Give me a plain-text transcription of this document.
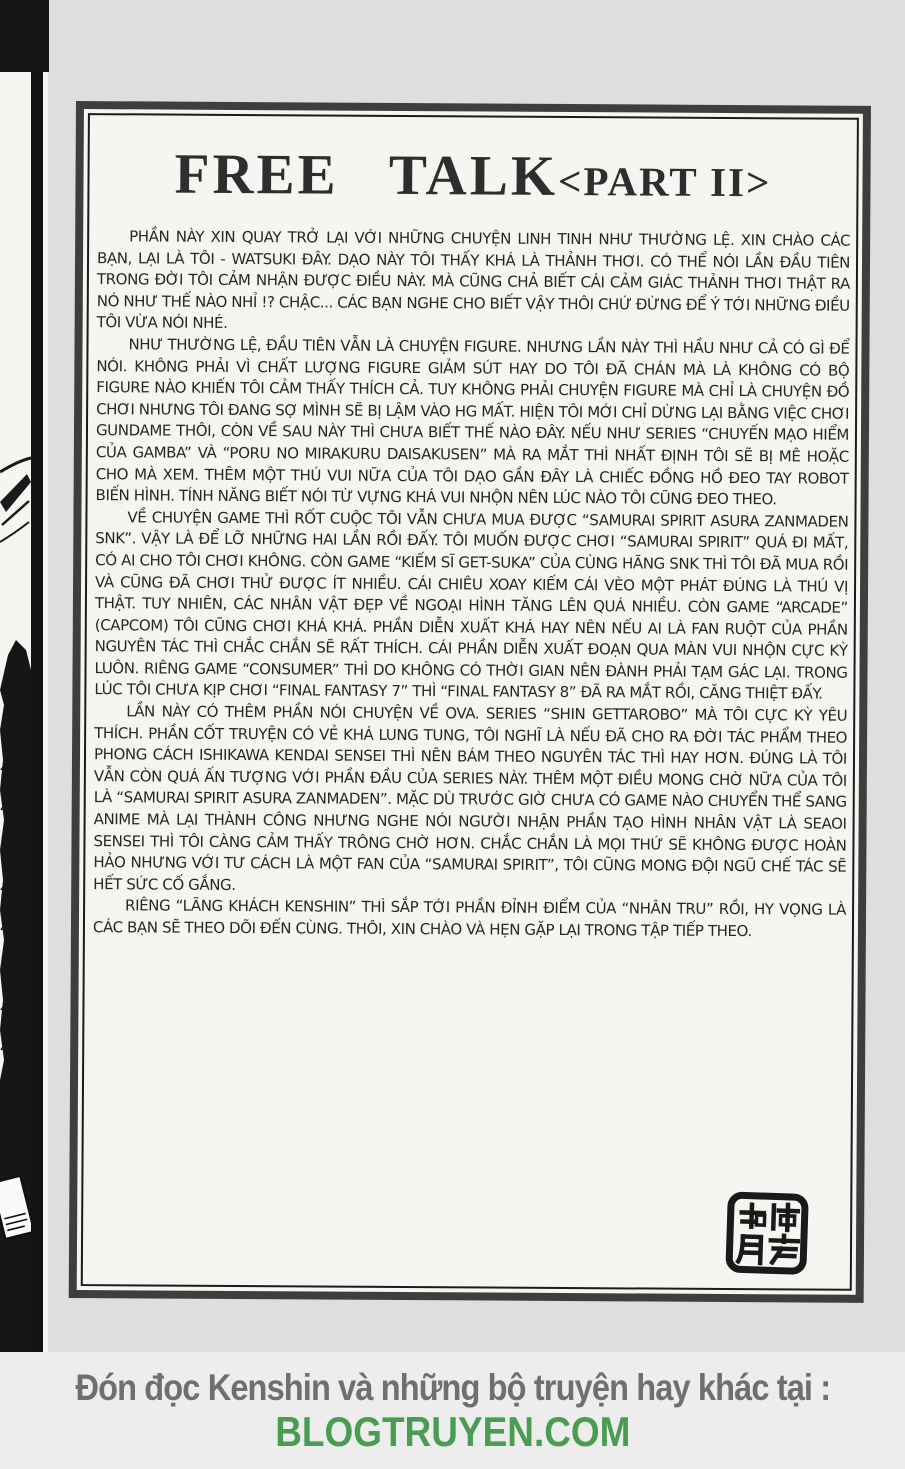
FREE TALK<PART II>

PHẦN NÀY XIN QUAY TRỞ LẠI VỚI NHỮNG CHUYỆN LINH TINH NHƯ THƯỜNG LỆ. XIN CHÀO CÁC BẠN, LẠI LÀ TÔI - WATSUKI ĐÂY. DẠO NÀY TÔI THẤY KHÁ LÀ THẢNH THƠI. CÓ THỂ NÓI LẦN ĐẦU TIÊN TRONG ĐỜI TÔI CẢM NHẬN ĐƯỢC ĐIỀU NÀY. MÀ CŨNG CHẢ BIẾT CÁI CẢM GIÁC THẢNH THƠI THẬT RA NÓ NHƯ THẾ NÀO NHỈ !? CHẬC... CÁC BẠN NGHE CHO BIẾT VẬY THÔI CHỨ ĐỪNG ĐỂ Ý TỚI NHỮNG ĐIỀU TÔI VỪA NÓI NHÉ.

NHƯ THƯỜNG LỆ, ĐẦU TIÊN VẪN LÀ CHUYỆN FIGURE. NHƯNG LẦN NÀY THÌ HẦU NHƯ CẢ CÓ GÌ ĐỂ NÓI. KHÔNG PHẢI VÌ CHẤT LƯỢNG FIGURE GIẢM SÚT HAY DO TÔI ĐÃ CHÁN MÀ LÀ KHÔNG CÓ BỘ FIGURE NÀO KHIẾN TÔI CẢM THẤY THÍCH CẢ. TUY KHÔNG PHẢI CHUYỆN FIGURE MÀ CHỈ LÀ CHUYỆN ĐỒ CHƠI NHƯNG TÔI ĐANG SỢ MÌNH SẼ BỊ LẬM VÀO HG MẤT. HIỆN TÔI MỚI CHỈ DỪNG LẠI BẰNG VIỆC CHƠI GUNDAME THÔI, CÒN VỀ SAU NÀY THÌ CHƯA BIẾT THẾ NÀO ĐÂY. NẾU NHƯ SERIES “CHUYẾN MẠO HIỂM CỦA GAMBA” VÀ “PORU NO MIRAKURU DAISAKUSEN” MÀ RA MẮT THÌ NHẤT ĐỊNH TÔI SẼ BỊ MÊ HOẶC CHO MÀ XEM. THÊM MỘT THÚ VUI NỮA CỦA TÔI DẠO GẦN ĐÂY LÀ CHIẾC ĐỒNG HỒ ĐEO TAY ROBOT BIẾN HÌNH. TÍNH NĂNG BIẾT NÓI TỪ VỰNG KHÁ VUI NHỘN NÊN LÚC NÀO TÔI CŨNG ĐEO THEO.

VỀ CHUYỆN GAME THÌ RỐT CUỘC TÔI VẪN CHƯA MUA ĐƯỢC “SAMURAI SPIRIT ASURA ZANMADEN SNK”. VẬY LÀ ĐỂ LỠ NHỮNG HAI LẦN RỒI ĐẤY. TÔI MUỐN ĐƯỢC CHƠI “SAMURAI SPIRIT” QUÁ ĐI MẤT, CÓ AI CHO TÔI CHƠI KHÔNG. CÒN GAME “KIẾM SĨ GET-SUKA” CỦA CÙNG HÃNG SNK THÌ TÔI ĐÃ MUA RỒI VÀ CŨNG ĐÃ CHƠI THỬ ĐƯỢC ÍT NHIỀU. CÁI CHIÊU XOAY KIẾM CÁI VÈO MỘT PHÁT ĐÚNG LÀ THÚ VỊ THẬT. TUY NHIÊN, CÁC NHÂN VẬT ĐẸP VỀ NGOẠI HÌNH TĂNG LÊN QUÁ NHIỀU. CÒN GAME “ARCADE” (CAPCOM) TÔI CŨNG CHƠI KHÁ KHÁ. PHẦN DIỄN XUẤT KHÁ HAY NÊN NẾU AI LÀ FAN RUỘT CỦA PHẦN NGUYÊN TÁC THÌ CHẮC CHẮN SẼ RẤT THÍCH. CÁI PHẦN DIỄN XUẤT ĐOẠN QUA MÀN VUI NHỘN CỰC KỲ LUÔN. RIÊNG GAME “CONSUMER” THÌ DO KHÔNG CÓ THỜI GIAN NÊN ĐÀNH PHẢI TẠM GÁC LẠI. TRONG LÚC TÔI CHƯA KỊP CHƠI “FINAL FANTASY 7” THÌ “FINAL FANTASY 8” ĐÃ RA MẮT RỒI, CĂNG THIỆT ĐẤY.

LẦN NÀY CÓ THÊM PHẦN NÓI CHUYỆN VỀ OVA. SERIES “SHIN GETTAROBO” MÀ TÔI CỰC KỲ YÊU THÍCH. PHẦN CỐT TRUYỆN CÓ VẺ KHÁ LUNG TUNG, TÔI NGHĨ LÀ NẾU ĐÃ CHO RA ĐỜI TÁC PHẨM THEO PHONG CÁCH ISHIKAWA KENDAI SENSEI THÌ NÊN BÁM THEO NGUYÊN TÁC THÌ HAY HƠN. ĐÚNG LÀ TÔI VẪN CÒN QUÁ ẤN TƯỢNG VỚI PHẦN ĐẦU CỦA SERIES NÀY. THÊM MỘT ĐIỀU MONG CHỜ NỮA CỦA TÔI LÀ “SAMURAI SPIRIT ASURA ZANMADEN”. MẶC DÙ TRƯỚC GIỜ CHƯA CÓ GAME NÀO CHUYỂN THỂ SANG ANIME MÀ LẠI THÀNH CÔNG NHƯNG NGHE NÓI NGƯỜI NHẬN PHẦN TẠO HÌNH NHÂN VẬT LÀ SEAOI SENSEI THÌ TÔI CÀNG CẢM THẤY TRÔNG CHỜ HƠN. CHẮC CHẮN LÀ MỌI THỨ SẼ KHÔNG ĐƯỢC HOÀN HẢO NHƯNG VỚI TƯ CÁCH LÀ MỘT FAN CỦA “SAMURAI SPIRIT”, TÔI CŨNG MONG ĐỘI NGŨ CHẾ TÁC SẼ HẾT SỨC CỐ GẮNG.

RIÊNG “LÃNG KHÁCH KENSHIN” THÌ SẮP TỚI PHẦN ĐỈNH ĐIỂM CỦA “NHÂN TRU” RỒI, HY VỌNG LÀ CÁC BẠN SẼ THEO DÕI ĐẾN CÙNG. THÔI, XIN CHÀO VÀ HẸN GẶP LẠI TRONG TẬP TIẾP THEO.

Đón đọc Kenshin và những bộ truyện hay khác tại :
BLOGTRUYEN.COM
